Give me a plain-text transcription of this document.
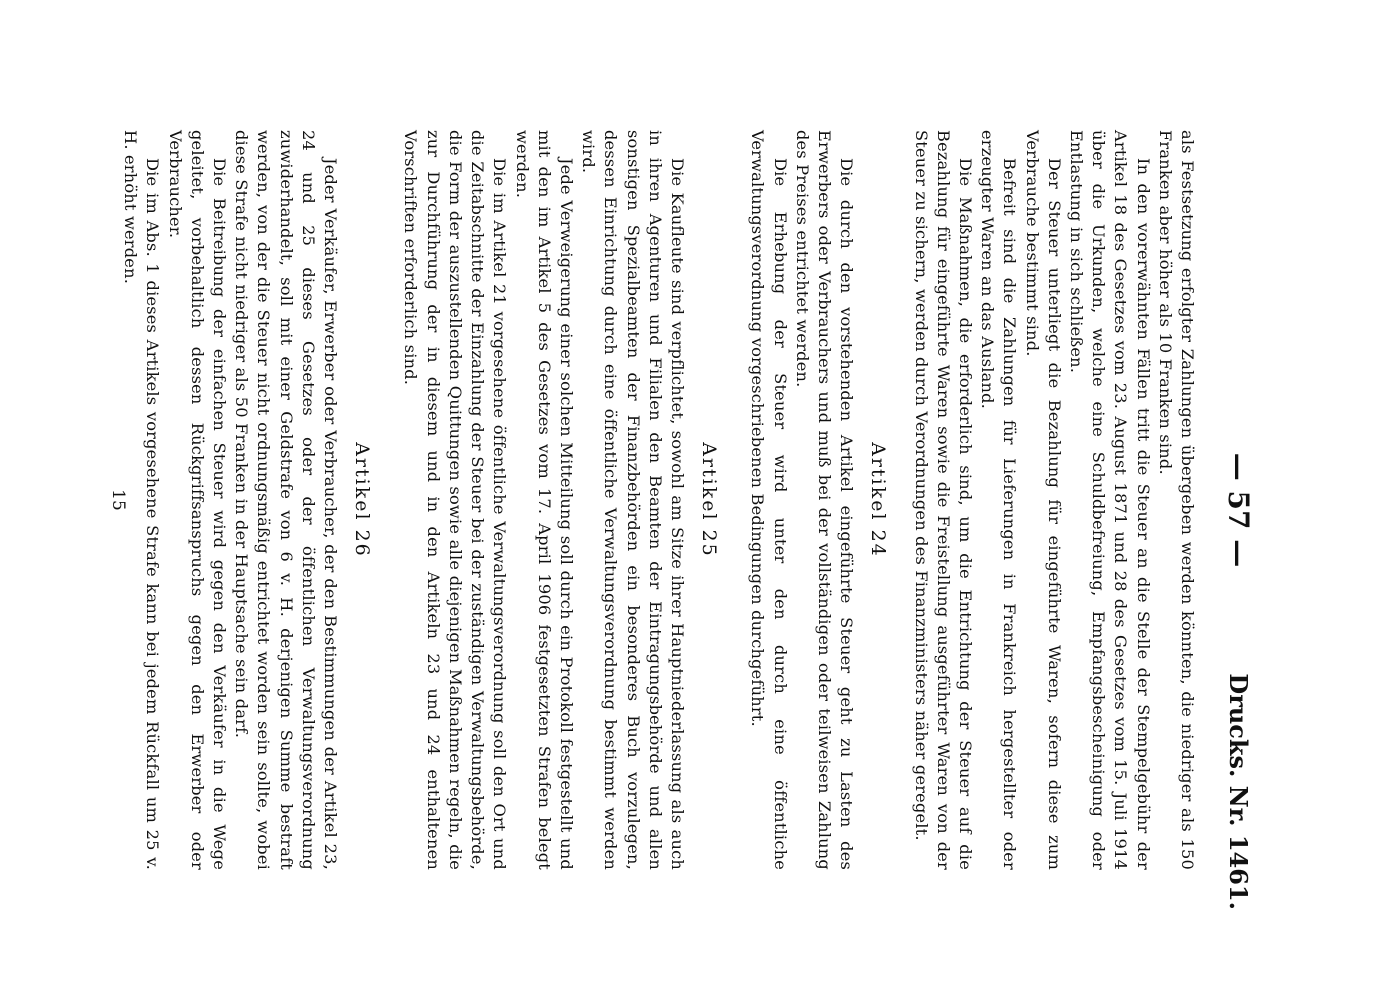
— 57 —
Drucks. Nr. 1461.

als Festsetzung erfolgter Zahlungen übergeben werden könnten, die niedriger als 150 Franken aber höher als 10 Franken sind.

In den vorerwähnten Fällen tritt die Steuer an die Stelle der Stempelgebühr der Artikel 18 des Gesetzes vom 23. August 1871 und 28 des Gesetzes vom 15. Juli 1914 über die Urkunden, welche eine Schuldbefreiung, Empfangsbescheinigung oder Entlastung in sich schließen.

Der Steuer unterliegt die Bezahlung für eingeführte Waren, sofern diese zum Verbrauche bestimmt sind.

Befreit sind die Zahlungen für Lieferungen in Frankreich hergestellter oder erzeugter Waren an das Ausland.

Die Maßnahmen, die erforderlich sind, um die Entrichtung der Steuer auf die Bezahlung für eingeführte Waren sowie die Freistellung ausgeführter Waren von der Steuer zu sichern, werden durch Verordnungen des Finanzministers näher geregelt.

Artikel 24

Die durch den vorstehenden Artikel eingeführte Steuer geht zu Lasten des Erwerbers oder Verbrauchers und muß bei der vollständigen oder teilweisen Zahlung des Preises entrichtet werden.

Die Erhebung der Steuer wird unter den durch eine öffentliche Verwaltungsverordnung vorgeschriebenen Bedingungen durchgeführt.

Artikel 25

Die Kaufleute sind verpflichtet, sowohl am Sitze ihrer Hauptniederlassung als auch in ihren Agenturen und Filialen den Beamten der Eintragungsbehörde und allen sonstigen Spezialbeamten der Finanzbehörden ein besonderes Buch vorzulegen, dessen Einrichtung durch eine öffentliche Verwaltungsverordnung bestimmt werden wird.

Jede Verweigerung einer solchen Mitteilung soll durch ein Protokoll festgestellt und mit den im Artikel 5 des Gesetzes vom 17. April 1906 festgesetzten Strafen belegt werden.

Die im Artikel 21 vorgesehene öffentliche Verwaltungsverordnung soll den Ort und die Zeitabschnitte der Einzahlung der Steuer bei der zuständigen Verwaltungsbehörde, die Form der auszustellenden Quittungen sowie alle diejenigen Maßnahmen regeln, die zur Durchführung der in diesem und in den Artikeln 23 und 24 enthaltenen Vorschriften erforderlich sind.

Artikel 26

Jeder Verkäufer, Erwerber oder Verbraucher, der den Bestimmungen der Artikel 23, 24 und 25 dieses Gesetzes oder der öffentlichen Verwaltungsverordnung zuwiderhandelt, soll mit einer Geldstrafe von 6 v. H. derjenigen Summe bestraft werden, von der die Steuer nicht ordnungsmäßig entrichtet worden sein sollte, wobei diese Strafe nicht niedriger als 50 Franken in der Hauptsache sein darf.

Die Beitreibung der einfachen Steuer wird gegen den Verkäufer in die Wege geleitet, vorbehaltlich dessen Rückgriffsanspruchs gegen den Erwerber oder Verbraucher.

Die im Abs. 1 dieses Artikels vorgesehene Strafe kann bei jedem Rückfall um 25 v. H. erhöht werden.

15
